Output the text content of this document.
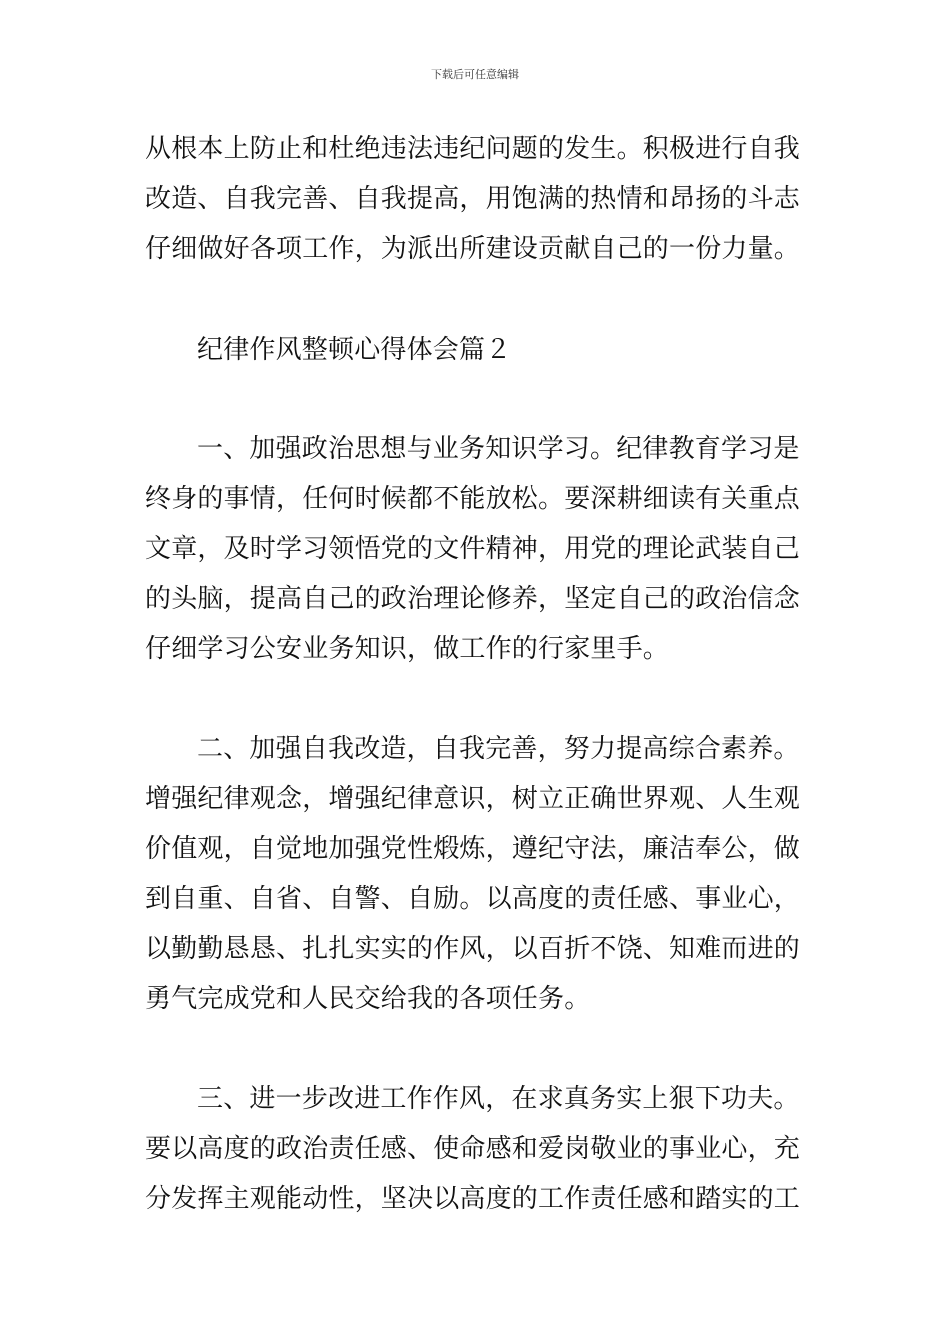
下载后可任意编辑
从根本上防止和杜绝违法违纪问题的发生。积极进行自我
改造、自我完善、自我提高，用饱满的热情和昂扬的斗志
仔细做好各项工作，为派出所建设贡献自己的一份力量。
纪律作风整顿心得体会篇２
一、加强政治思想与业务知识学习。纪律教育学习是
终身的事情，任何时候都不能放松。要深耕细读有关重点
文章，及时学习领悟党的文件精神，用党的理论武装自己
的头脑，提高自己的政治理论修养，坚定自己的政治信念
仔细学习公安业务知识，做工作的行家里手。
二、加强自我改造，自我完善，努力提高综合素养。
增强纪律观念，增强纪律意识，树立正确世界观、人生观
价值观，自觉地加强党性煅炼，遵纪守法，廉洁奉公，做
到自重、自省、自警、自励。以高度的责任感、事业心，
以勤勤恳恳、扎扎实实的作风，以百折不饶、知难而进的
勇气完成党和人民交给我的各项任务。
三、进一步改进工作作风，在求真务实上狠下功夫。
要以高度的政治责任感、使命感和爱岗敬业的事业心，充
分发挥主观能动性，坚决以高度的工作责任感和踏实的工
